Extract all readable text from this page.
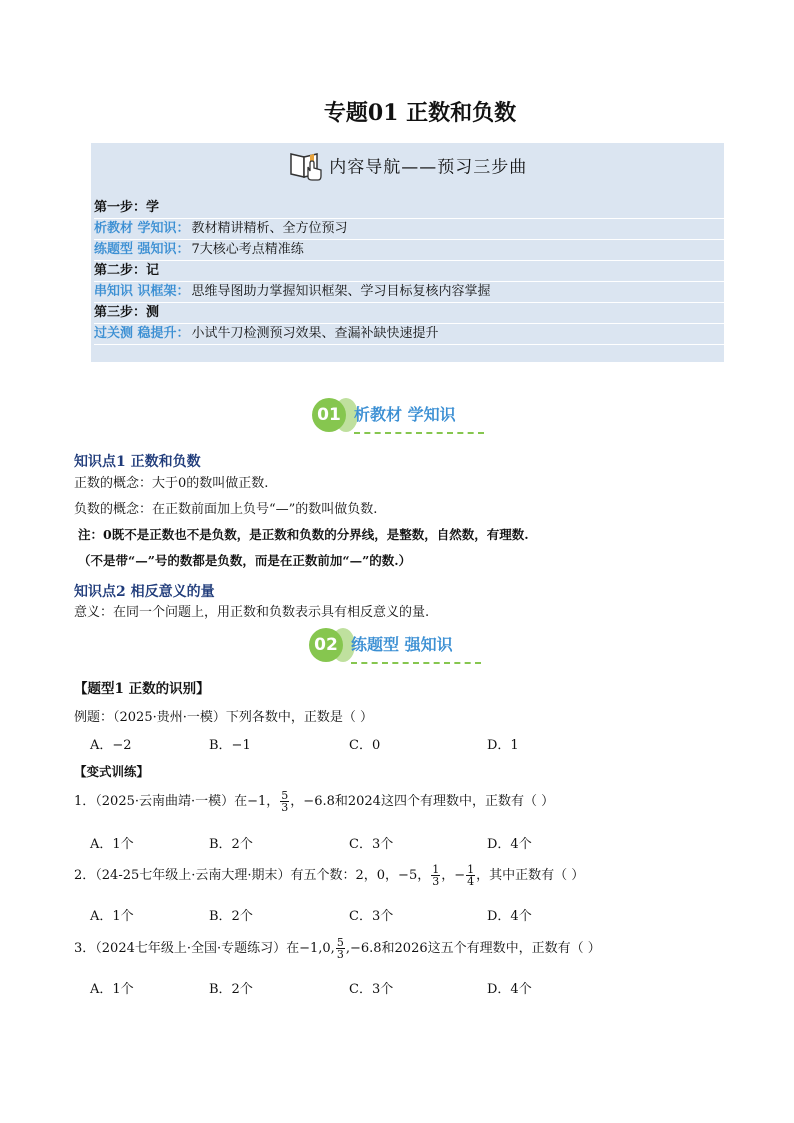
专题01 正数和负数
内容导航——预习三步曲
第一步：学
析教材 学知识： 教材精讲精析、全方位预习
练题型 强知识： 7大核心考点精准练
第二步：记
串知识 识框架： 思维导图助力掌握知识框架、学习目标复核内容掌握
第三步：测
过关测 稳提升： 小试牛刀检测预习效果、查漏补缺快速提升
01 析教材 学知识
知识点1 正数和负数
正数的概念：大于0的数叫做正数.
负数的概念：在正数前面加上负号“—”的数叫做负数.
注：0既不是正数也不是负数，是正数和负数的分界线，是整数，自然数，有理数.
（不是带“—”号的数都是负数，而是在正数前加“—”的数.）
知识点2 相反意义的量
意义：在同一个问题上，用正数和负数表示具有相反意义的量.
02 练题型 强知识
【题型1 正数的识别】
例题：（2025·贵州·一模）下列各数中，正数是（ ）
A．−2	B．−1	C．0	D．1
【变式训练】
1．（2025·云南曲靖·一模）在−1， $\frac{5}{3}$ ，−6.8和2024这四个有理数中，正数有（ ）
A．1个	B．2个	C．3个	D．4个
2．（24-25七年级上·云南大理·期末）有五个数：2，0，−5， $\frac{1}{3}$ ，− $\frac{1}{4}$ ，其中正数有（ ）
A．1个	B．2个	C．3个	D．4个
3．（2024七年级上·全国·专题练习）在−1,0, $\frac{5}{3} ,-6.8$和2026这五个有理数中，正数有（ ）
A．1个	B．2个	C．3个	D．4个
